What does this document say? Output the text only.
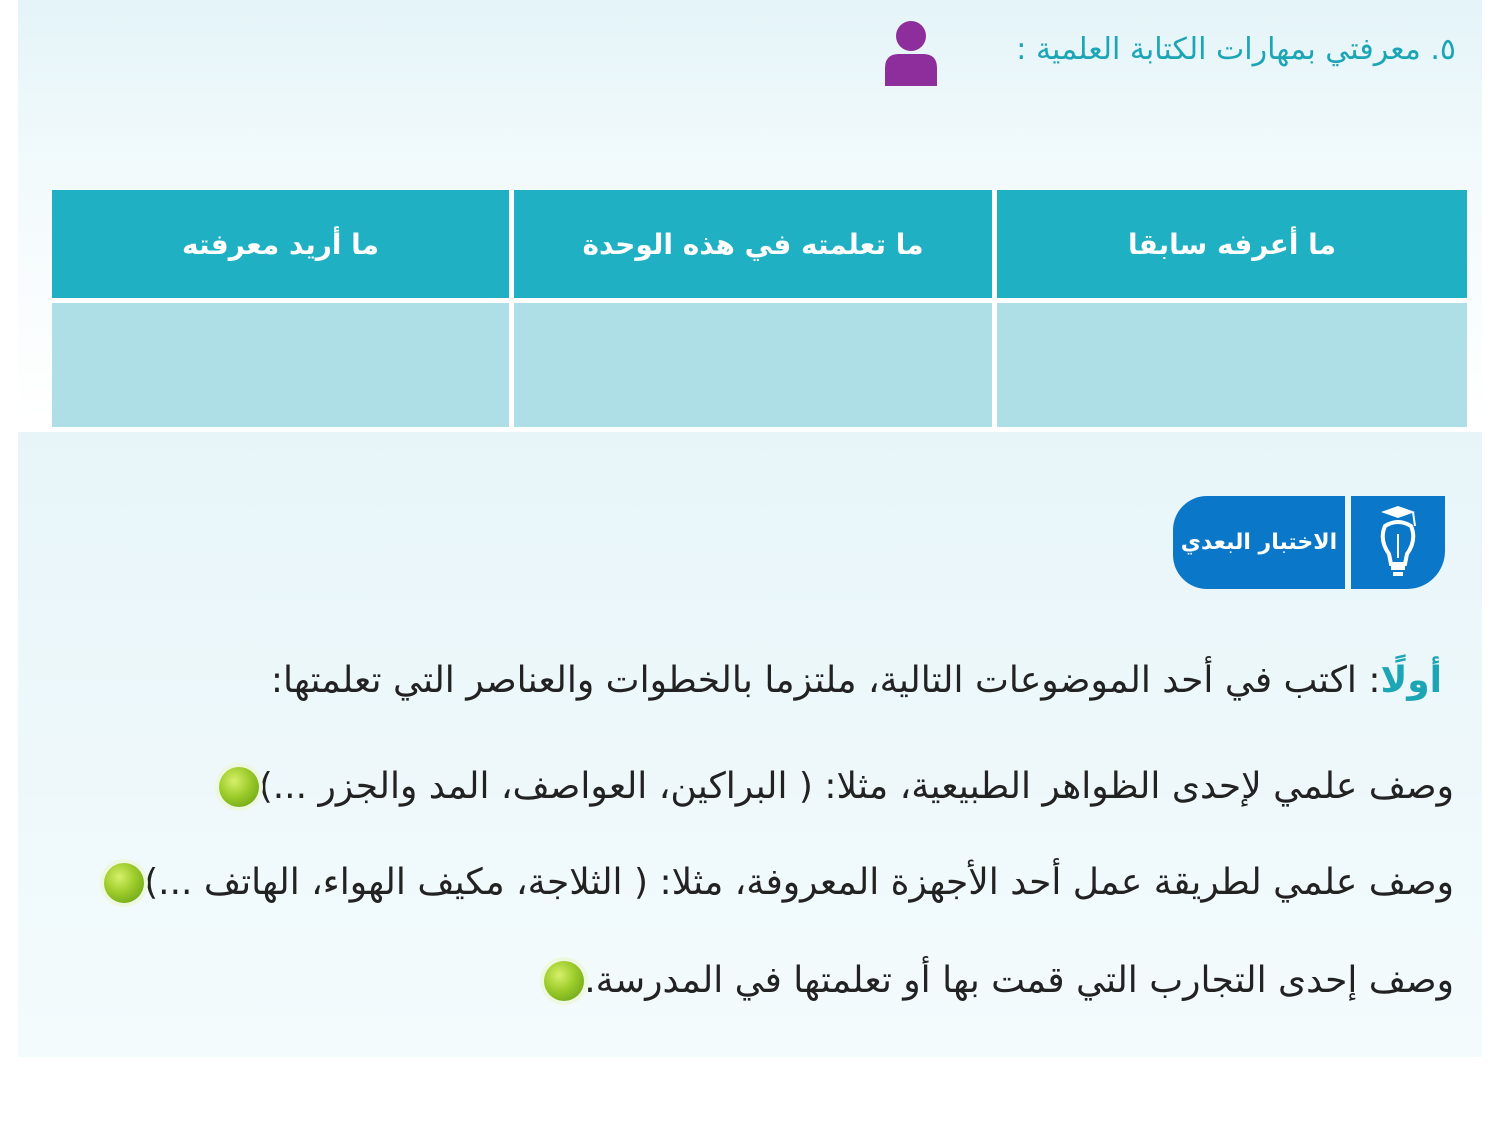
٥. معرفتي بمهارات الكتابة العلمية :
ما أريد معرفته	ما تعلمته في هذه الوحدة	ما أعرفه سابقا
الاختبار البعدي
أولًا: اكتب في أحد الموضوعات التالية، ملتزما بالخطوات والعناصر التي تعلمتها:
وصف علمي لإحدى الظواهر الطبيعية، مثلا: ( البراكين، العواصف، المد والجزر ...)
وصف علمي لطريقة عمل أحد الأجهزة المعروفة، مثلا: ( الثلاجة، مكيف الهواء، الهاتف ...)
وصف إحدى التجارب التي قمت بها أو تعلمتها في المدرسة.
